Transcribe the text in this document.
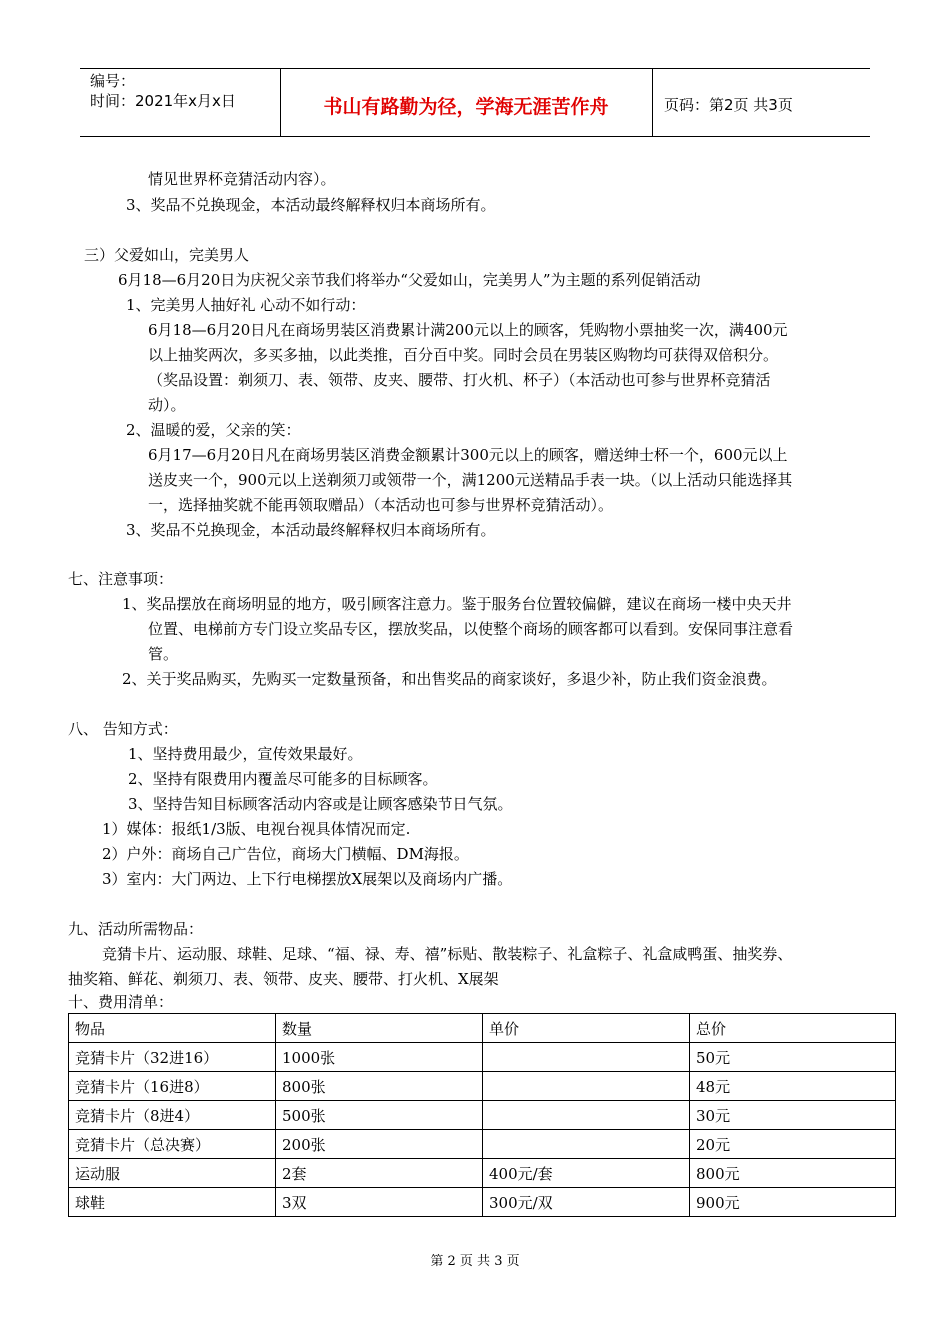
编号：
时间：2021年x月x日	书山有路勤为径，学海无涯苦作舟	页码：第2页 共3页
情见世界杯竞猜活动内容）。
3、奖品不兑换现金，本活动最终解释权归本商场所有。
三）父爱如山，完美男人
6月18—6月20日为庆祝父亲节我们将举办“父爱如山，完美男人”为主题的系列促销活动
1、完美男人抽好礼 心动不如行动：
6月18—6月20日凡在商场男装区消费累计满200元以上的顾客，凭购物小票抽奖一次，满400元
以上抽奖两次，多买多抽，以此类推，百分百中奖。同时会员在男装区购物均可获得双倍积分。
（奖品设置：剃须刀、表、领带、皮夹、腰带、打火机、杯子）（本活动也可参与世界杯竞猜活
动）。
2、温暖的爱，父亲的笑：
6月17—6月20日凡在商场男装区消费金额累计300元以上的顾客，赠送绅士杯一个，600元以上
送皮夹一个，900元以上送剃须刀或领带一个，满1200元送精品手表一块。（以上活动只能选择其
一，选择抽奖就不能再领取赠品）（本活动也可参与世界杯竞猜活动）。
3、奖品不兑换现金，本活动最终解释权归本商场所有。
七、注意事项：
1、奖品摆放在商场明显的地方，吸引顾客注意力。鉴于服务台位置较偏僻，建议在商场一楼中央天井
位置、电梯前方专门设立奖品专区，摆放奖品，以使整个商场的顾客都可以看到。安保同事注意看
管。
2、关于奖品购买，先购买一定数量预备，和出售奖品的商家谈好，多退少补，防止我们资金浪费。
八、 告知方式：
1、坚持费用最少，宣传效果最好。
2、坚持有限费用内覆盖尽可能多的目标顾客。
3、坚持告知目标顾客活动内容或是让顾客感染节日气氛。
1）媒体：报纸1/3版、电视台视具体情况而定.
2）户外：商场自己广告位，商场大门横幅、DM海报。
3）室内：大门两边、上下行电梯摆放X展架以及商场内广播。
九、活动所需物品：
竞猜卡片、运动服、球鞋、足球、“福、禄、寿、禧”标贴、散装粽子、礼盒粽子、礼盒咸鸭蛋、抽奖券、
抽奖箱、鲜花、剃须刀、表、领带、皮夹、腰带、打火机、X展架
十、费用清单：
物品	数量	单价	总价
竞猜卡片（32进16）	1000张		50元
竞猜卡片（16进8）	800张		48元
竞猜卡片（8进4）	500张		30元
竞猜卡片（总决赛）	200张		20元
运动服	2套	400元/套	800元
球鞋	3双	300元/双	900元
第 2 页 共 3 页
